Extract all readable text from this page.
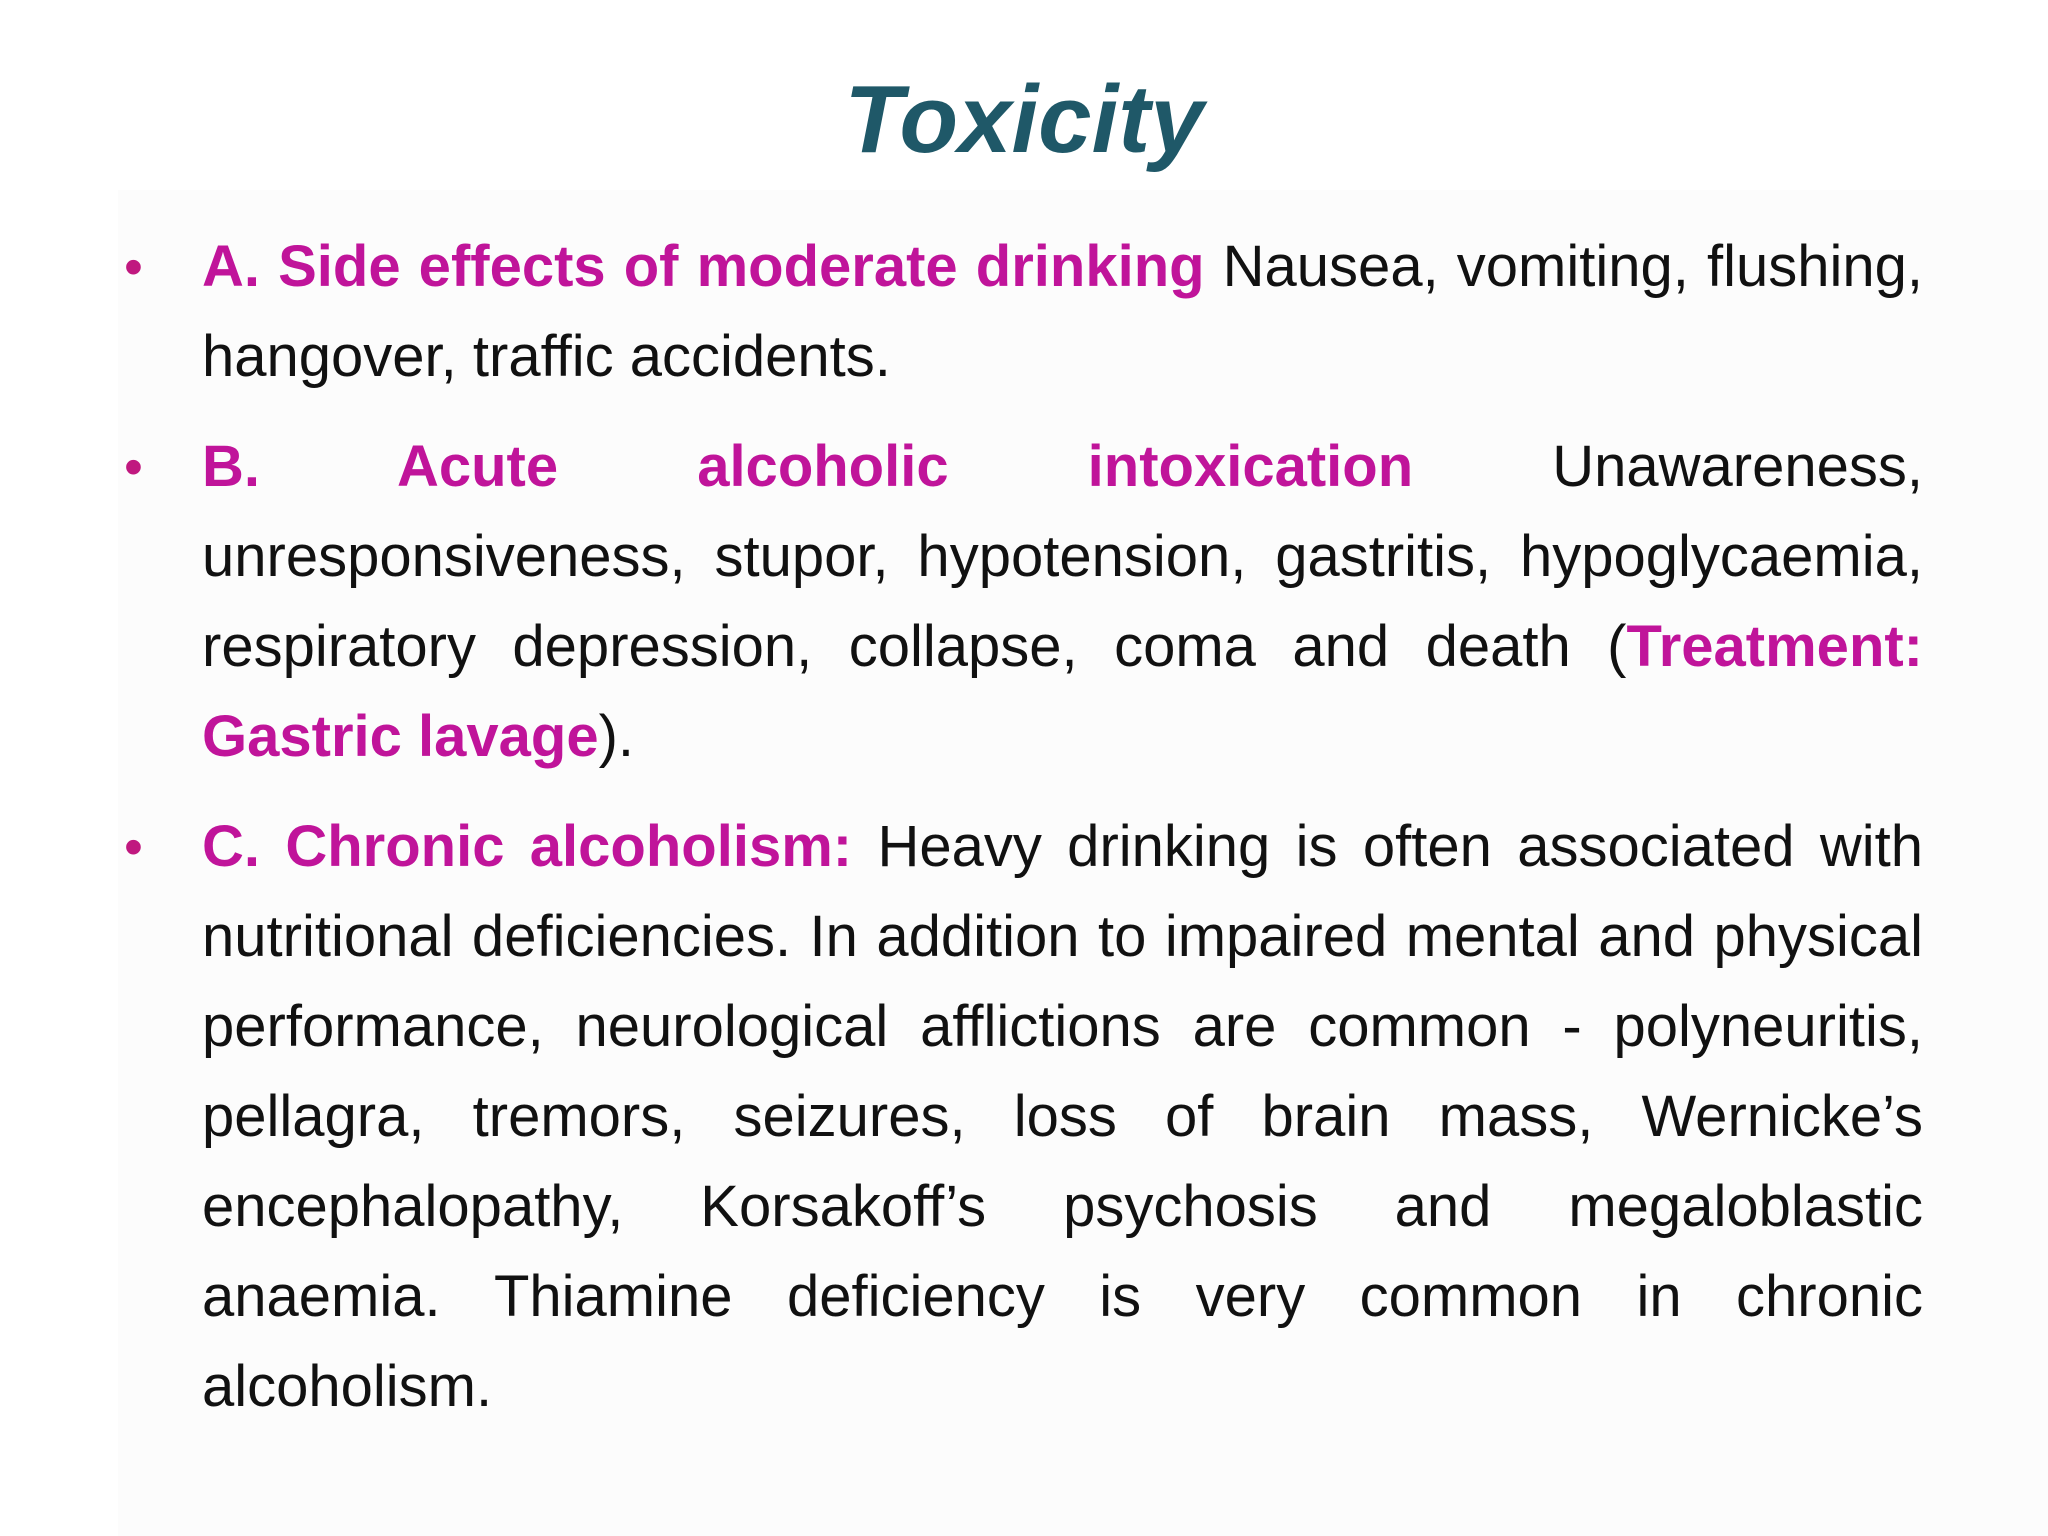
Toxicity
• A. Side effects of moderate drinking Nausea, vomiting, flushing, hangover, traffic accidents.
• B. Acute alcoholic intoxication Unawareness, unresponsiveness, stupor, hypotension, gastritis, hypoglycaemia, respiratory depression, collapse, coma and death (Treatment: Gastric lavage).
• C. Chronic alcoholism: Heavy drinking is often associated with nutritional deficiencies. In addition to impaired mental and physical performance, neurological afflictions are common - polyneuritis, pellagra, tremors, seizures, loss of brain mass, Wernicke’s encephalopathy, Korsakoff’s psychosis and megaloblastic anaemia. Thiamine deficiency is very common in chronic alcoholism.
